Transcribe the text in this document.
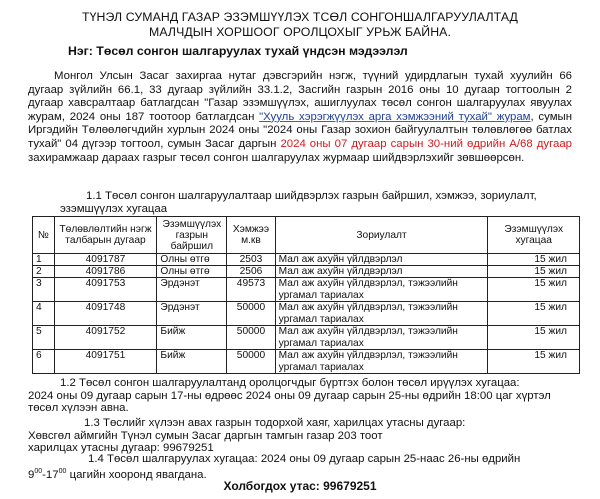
ТҮНЭЛ СУМАНД ГАЗАР ЭЗЭМШҮҮЛЭХ ТСӨЛ СОНГОНШАЛГАРУУЛАЛТАД
МАЛЧДЫН ХОРШООГ ОРОЛЦОХЫГ УРЬЖ БАЙНА.
Нэг: Төсөл сонгон шалгаруулах тухай үндсэн мэдээлэл
Монгол Улсын Засаг захиргаа нутаг дэвсгэрийн нэгж, түүний удирдлагын тухай хуулийн 66 дугаар зүйлийн 66.1, 33 дугаар зүйлийн 33.1.2, Засгийн газрын 2016 оны 10 дугаар тогтоолын 2 дугаар хавсралтаар батлагдсан "Газар эзэмшүүлэх, ашиглуулах төсөл сонгон шалгаруулах явуулах журам, 2024 оны 187 тоотоор батлагдсан "Хууль хэрэгжүүлэх арга хэмжээний тухай" журам, сумын Иргэдийн Төлөөлөгчдийн хурлын 2024 оны "2024 оны Газар зохион байгуулалтын төлөвлөгөө батлах тухай" 04 дүгээр тогтоол, сумын Засаг даргын 2024 оны 07 дугаар сарын 30-ний өдрийн А/68 дугаар захирамжаар дараах газрыг төсөл сонгон шалгаруулах журмаар шийдвэрлэхийг зөвшөөрсөн.
1.1 Төсөл сонгон шалгаруулалтаар шийдвэрлэх газрын байршил, хэмжээ, зориулалт, эзэмшүүлэх хугацаа
№	Төлөвлөлтийн нэгж талбарын дугаар	Эзэмшүүлэх газрын байршил	Хэмжээ м.кв	Зориулалт	Эзэмшүүлэх хугацаа
1	4091787	Олны өтгө	2503	Мал аж ахуйн үйлдвэрлэл	15 жил
2	4091786	Олны өтгө	2506	Мал аж ахуйн үйлдвэрлэл	15 жил
3	4091753	Эрдэнэт	49573	Мал аж ахуйн үйлдвэрлэл, тэжээлийн ургамал тариалах	15 жил
4	4091748	Эрдэнэт	50000	Мал аж ахуйн үйлдвэрлэл, тэжээлийн ургамал тариалах	15 жил
5	4091752	Бийж	50000	Мал аж ахуйн үйлдвэрлэл, тэжээлийн ургамал тариалах	15 жил
6	4091751	Бийж	50000	Мал аж ахуйн үйлдвэрлэл, тэжээлийн ургамал тариалах	15 жил
1.2 Төсөл сонгон шалгаруулалтанд оролцогчдыг бүртгэх болон төсөл ирүүлэх хугацаа:
2024 оны 09 дугаар сарын 17-ны өдрөөс 2024 оны 09 дугаар сарын 25-ны өдрийн 18:00 цаг хүртэл төсөл хүлээн авна.
1.3 Төслийг хүлээн авах газрын тодорхой хаяг, харилцах утасны дугаар:
Хөвсгөл аймгийн Түнэл сумын Засаг даргын тамгын газар 203 тоот
харилцах утасны дугаар: 99679251
1.4 Төсөл шалгаруулах хугацаа: 2024 оны 09 дугаар сарын 25-наас 26-ны өдрийн
$9^{00}-17^{00}$ цагийн хооронд явагдана.
Холбогдох утас: 99679251
